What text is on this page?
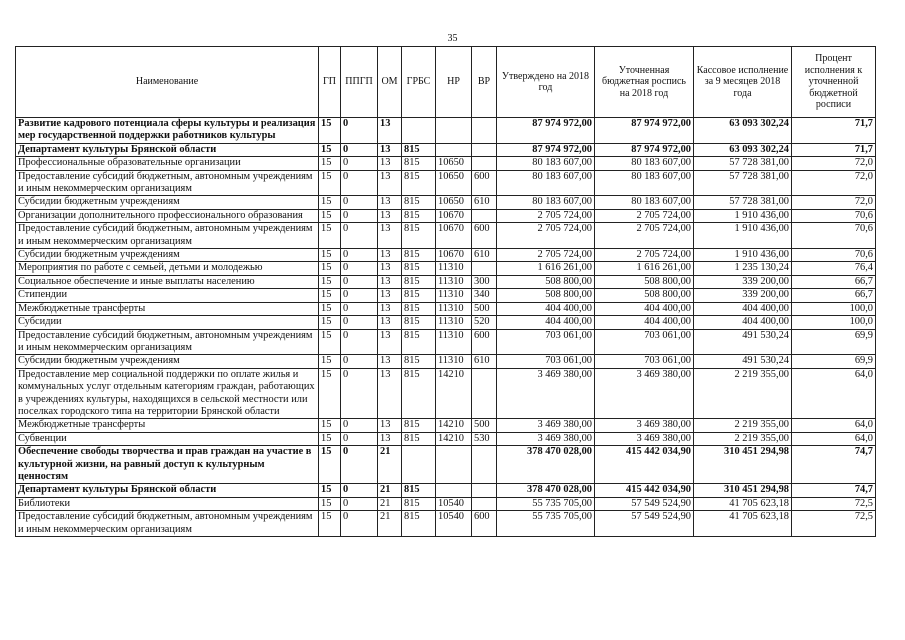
35
Наименование	ГП	ППГП	ОМ	ГРБС	НР	ВР	Утверждено на 2018 год	Уточненная бюджетная роспись на 2018 год	Кассовое исполнение за 9 месяцев 2018 года	Процент исполнения к уточненной бюджетной росписи
Развитие кадрового потенциала сферы культуры и реализация мер государственной поддержки работников культуры	15	0	13				87 974 972,00	87 974 972,00	63 093 302,24	71,7
Департамент культуры Брянской области	15	0	13	815			87 974 972,00	87 974 972,00	63 093 302,24	71,7
Профессиональные образовательные организации	15	0	13	815	10650		80 183 607,00	80 183 607,00	57 728 381,00	72,0
Предоставление субсидий бюджетным, автономным учреждениям и иным некоммерческим организациям	15	0	13	815	10650	600	80 183 607,00	80 183 607,00	57 728 381,00	72,0
Субсидии бюджетным учреждениям	15	0	13	815	10650	610	80 183 607,00	80 183 607,00	57 728 381,00	72,0
Организации дополнительного профессионального образования	15	0	13	815	10670		2 705 724,00	2 705 724,00	1 910 436,00	70,6
Предоставление субсидий бюджетным, автономным учреждениям и иным некоммерческим организациям	15	0	13	815	10670	600	2 705 724,00	2 705 724,00	1 910 436,00	70,6
Субсидии бюджетным учреждениям	15	0	13	815	10670	610	2 705 724,00	2 705 724,00	1 910 436,00	70,6
Мероприятия по работе с семьей, детьми и молодежью	15	0	13	815	11310		1 616 261,00	1 616 261,00	1 235 130,24	76,4
Социальное обеспечение и иные выплаты населению	15	0	13	815	11310	300	508 800,00	508 800,00	339 200,00	66,7
Стипендии	15	0	13	815	11310	340	508 800,00	508 800,00	339 200,00	66,7
Межбюджетные трансферты	15	0	13	815	11310	500	404 400,00	404 400,00	404 400,00	100,0
Субсидии	15	0	13	815	11310	520	404 400,00	404 400,00	404 400,00	100,0
Предоставление субсидий бюджетным, автономным учреждениям и иным некоммерческим организациям	15	0	13	815	11310	600	703 061,00	703 061,00	491 530,24	69,9
Субсидии бюджетным учреждениям	15	0	13	815	11310	610	703 061,00	703 061,00	491 530,24	69,9
Предоставление мер социальной поддержки по оплате жилья и коммунальных услуг отдельным категориям граждан, работающих в учреждениях культуры, находящихся в сельской местности или поселках городского типа на территории Брянской области	15	0	13	815	14210		3 469 380,00	3 469 380,00	2 219 355,00	64,0
Межбюджетные трансферты	15	0	13	815	14210	500	3 469 380,00	3 469 380,00	2 219 355,00	64,0
Субвенции	15	0	13	815	14210	530	3 469 380,00	3 469 380,00	2 219 355,00	64,0
Обеспечение свободы творчества и прав граждан на участие в культурной жизни, на равный доступ к культурным ценностям	15	0	21				378 470 028,00	415 442 034,90	310 451 294,98	74,7
Департамент культуры Брянской области	15	0	21	815			378 470 028,00	415 442 034,90	310 451 294,98	74,7
Библиотеки	15	0	21	815	10540		55 735 705,00	57 549 524,90	41 705 623,18	72,5
Предоставление субсидий бюджетным, автономным учреждениям и иным некоммерческим организациям	15	0	21	815	10540	600	55 735 705,00	57 549 524,90	41 705 623,18	72,5
